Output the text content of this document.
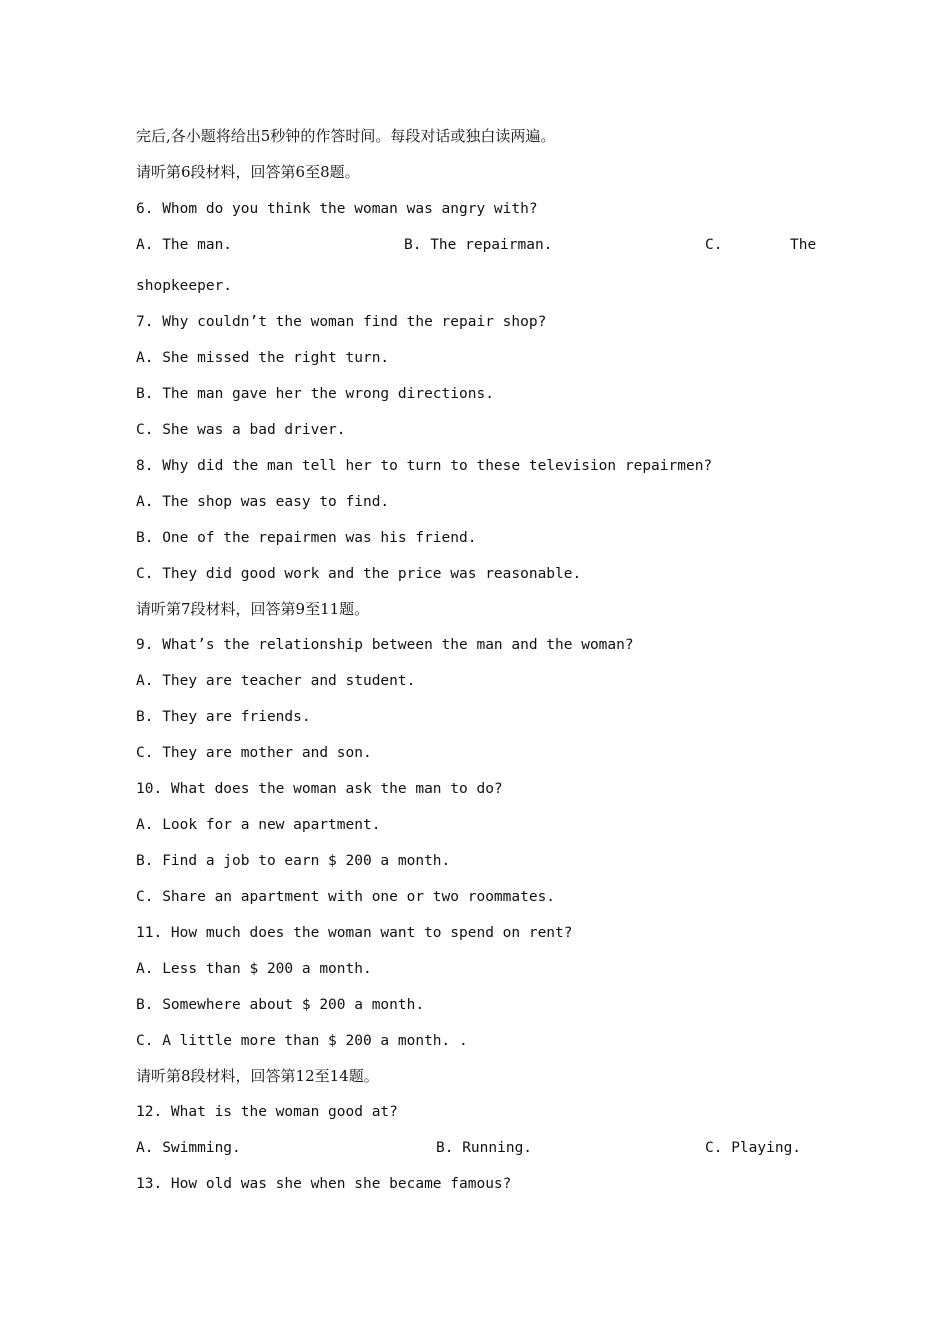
完后,各小题将给出5秒钟的作答时间。每段对话或独白读两遍。
请听第6段材料，回答第6至8题。
6. Whom do you think the woman was angry with?
A. The man.	B. The repairman.	C.	The
shopkeeper.
7. Why couldn’t the woman find the repair shop?
A. She missed the right turn.
B. The man gave her the wrong directions.
C. She was a bad driver.
8. Why did the man tell her to turn to these television repairmen?
A. The shop was easy to find.
B. One of the repairmen was his friend.
C. They did good work and the price was reasonable.
请听第7段材料，回答第9至11题。
9. What’s the relationship between the man and the woman?
A. They are teacher and student.
B. They are friends.
C. They are mother and son.
10. What does the woman ask the man to do?
A. Look for a new apartment.
B. Find a job to earn $ 200 a month.
C. Share an apartment with one or two roommates.
11. How much does the woman want to spend on rent?
A. Less than $ 200 a month.
B. Somewhere about $ 200 a month.
C. A little more than $ 200 a month. .
请听第8段材料，回答第12至14题。
12. What is the woman good at?
A. Swimming.	B. Running.	C. Playing.
13. How old was she when she became famous?
